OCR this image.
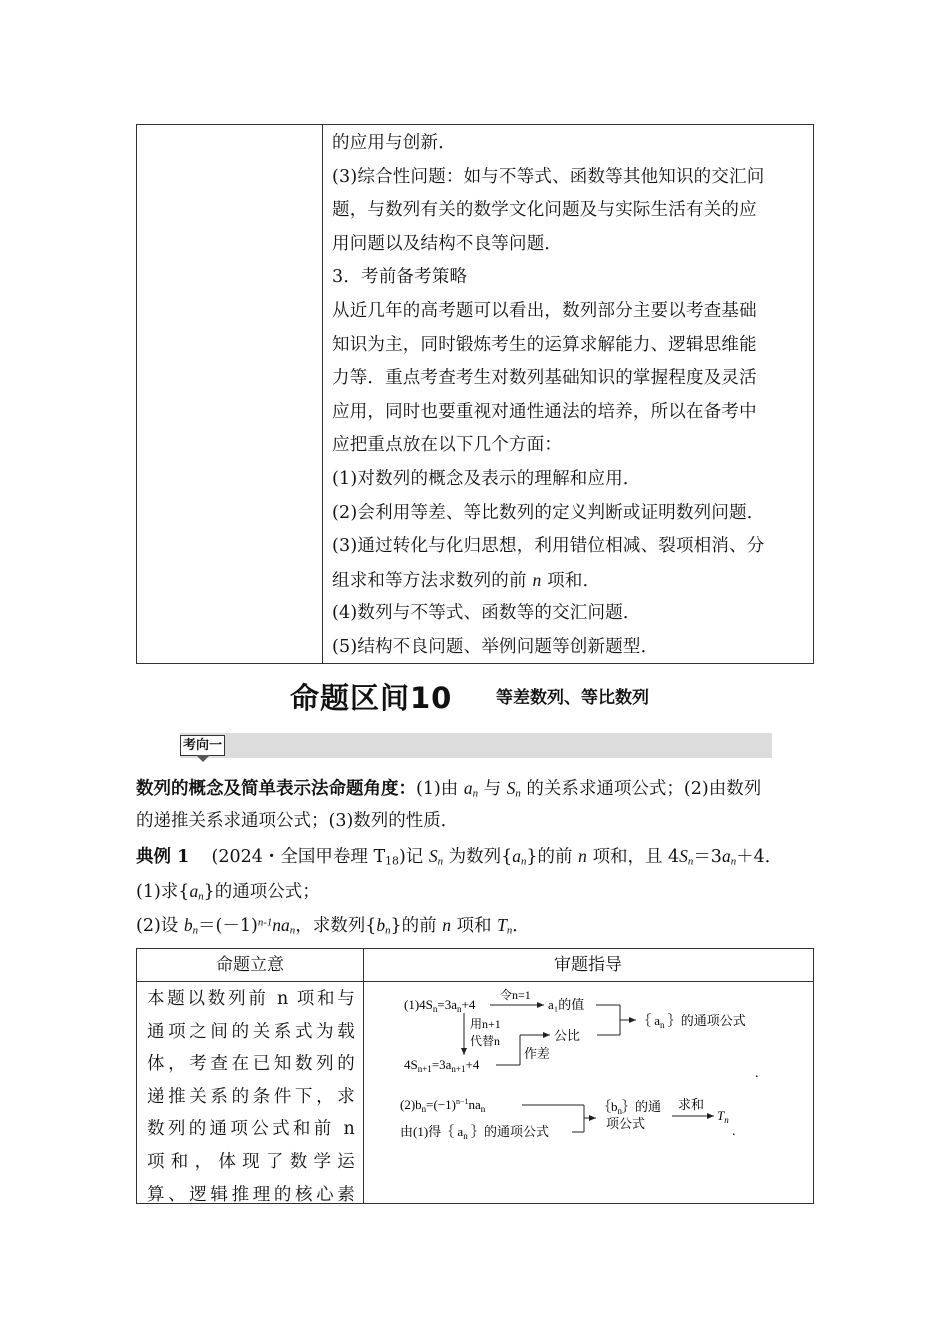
的应用与创新．
(3)综合性问题：如与不等式、函数等其他知识的交汇问
题，与数列有关的数学文化问题及与实际生活有关的应
用问题以及结构不良等问题．
3．考前备考策略
从近几年的高考题可以看出，数列部分主要以考查基础
知识为主，同时锻炼考生的运算求解能力、逻辑思维能
力等．重点考查考生对数列基础知识的掌握程度及灵活
应用，同时也要重视对通性通法的培养，所以在备考中
应把重点放在以下几个方面：
(1)对数列的概念及表示的理解和应用．
(2)会利用等差、等比数列的定义判断或证明数列问题．
(3)通过转化与化归思想，利用错位相减、裂项相消、分
组求和等方法求数列的前 n 项和．
(4)数列与不等式、函数等的交汇问题．
(5)结构不良问题、举例问题等创新题型．
命题区间10	等差数列、等比数列
考向一
数列的概念及简单表示法命题角度：(1)由 $a_n$ 与 $S_n$ 的关系求通项公式；(2)由数列
的递推关系求通项公式；(3)数列的性质．
典例 1 (2024・全国甲卷理 $T_{18}$)记 $S_n$ 为数列$\{a_n\}$的前 n 项和，且 $4S_n=3a_n+4$．
(1)求$\{a_n\}$的通项公式；
(2)设 $b_n=(-1)^{n-1}na_n$，求数列$\{b_n\}$的前 n 项和 $T_n$．
命题立意	审题指导
本题以数列前 n 项和与
通项之间的关系式为载
体，考查在已知数列的
递推关系的条件下，求
数列的通项公式和前 n
项和，体现了数学运
算、逻辑推理的核心素
$(1)4S_n=3a_n+4$
令n=1
a₁的值
｛ $a_n$ ｝的通项公式
用n+1
代替n	公比
作差
$4S_{n+1}=3a_{n+1}+4$
.
$(2)b_n=(-1)^{n-1}na_n$
由(1)得｛ $a_n$ ｝的通项公式
$\{b_n\}$的通
项公式
求和
$T_n$
.
